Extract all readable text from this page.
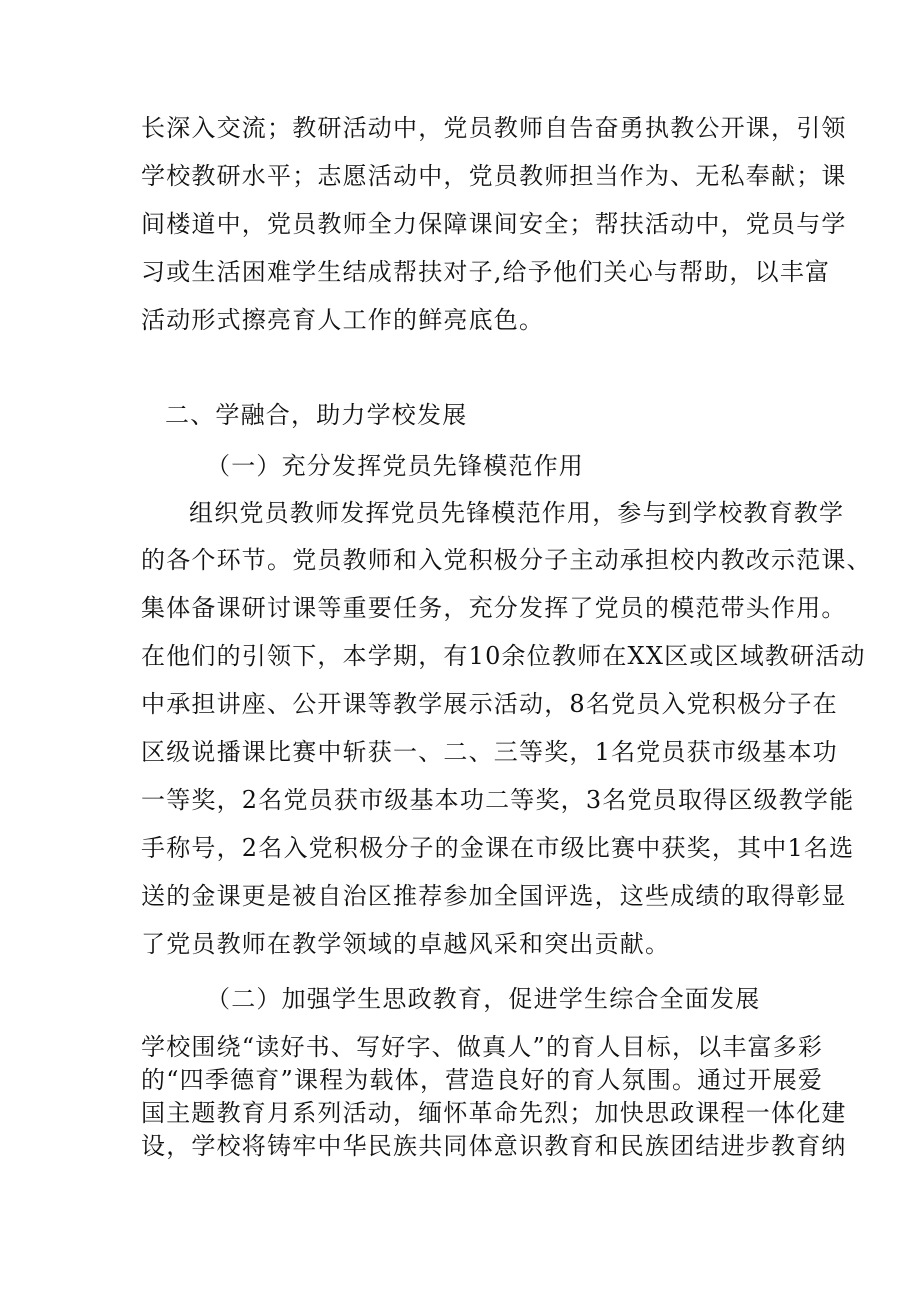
长深入交流；教研活动中，党员教师自告奋勇执教公开课，引领
学校教研水平；志愿活动中，党员教师担当作为、无私奉献；课
间楼道中，党员教师全力保障课间安全；帮扶活动中，党员与学
习或生活困难学生结成帮扶对子,给予他们关心与帮助，以丰富
活动形式擦亮育人工作的鲜亮底色。
二、学融合，助力学校发展
（一）充分发挥党员先锋模范作用
组织党员教师发挥党员先锋模范作用，参与到学校教育教学
的各个环节。党员教师和入党积极分子主动承担校内教改示范课、
集体备课研讨课等重要任务，充分发挥了党员的模范带头作用。
在他们的引领下，本学期，有10余位教师在XX区或区域教研活动
中承担讲座、公开课等教学展示活动，8名党员入党积极分子在
区级说播课比赛中斩获一、二、三等奖，1名党员获市级基本功
一等奖，2名党员获市级基本功二等奖，3名党员取得区级教学能
手称号，2名入党积极分子的金课在市级比赛中获奖，其中1名选
送的金课更是被自治区推荐参加全国评选，这些成绩的取得彰显
了党员教师在教学领域的卓越风采和突出贡献。
（二）加强学生思政教育，促进学生综合全面发展
学校围绕“读好书、写好字、做真人”的育人目标，以丰富多彩
的“四季德育”课程为载体，营造良好的育人氛围。通过开展爱
国主题教育月系列活动，缅怀革命先烈；加快思政课程一体化建
设，学校将铸牢中华民族共同体意识教育和民族团结进步教育纳
